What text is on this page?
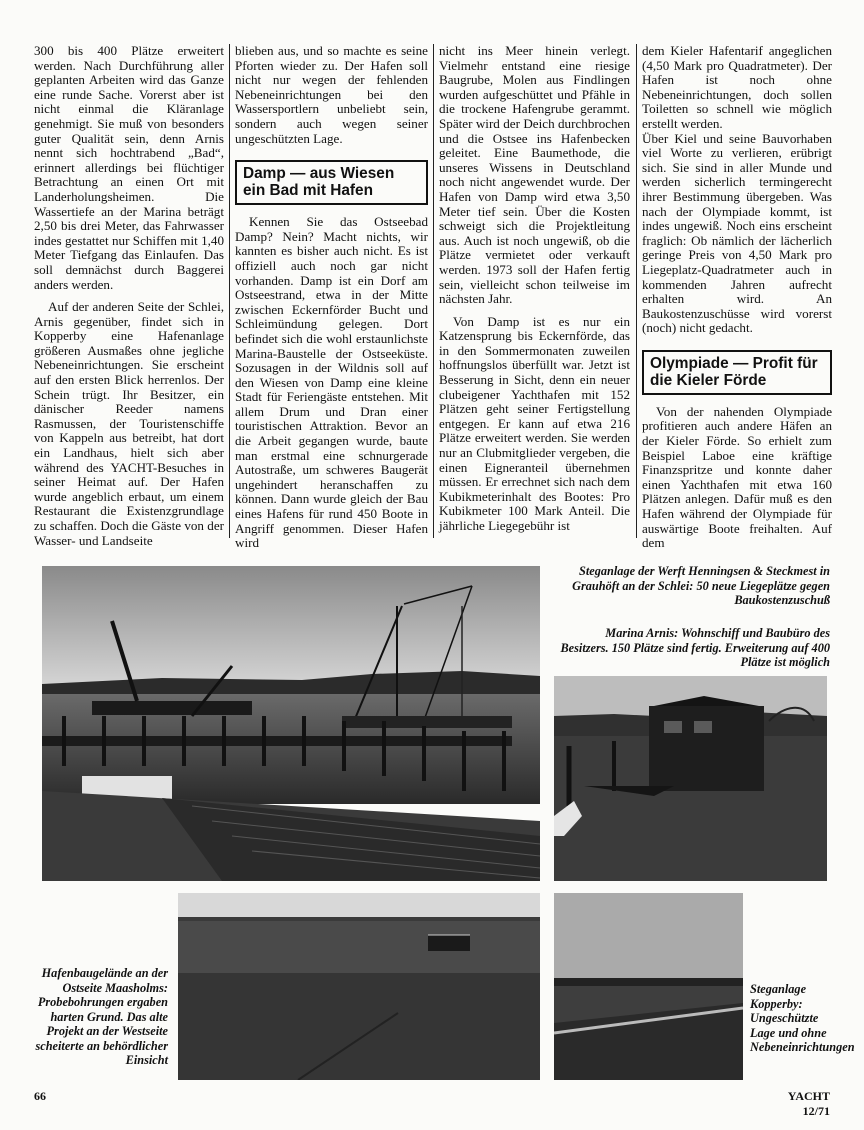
300 bis 400 Plätze erweitert werden. Nach Durchführung aller geplanten Arbeiten wird das Ganze eine runde Sache. Vorerst aber ist nicht einmal die Kläranlage genehmigt. Sie muß von besonders guter Qualität sein, denn Arnis nennt sich hochtrabend „Bad“, erinnert allerdings bei flüchtiger Betrachtung an einen Ort mit Landerholungsheimen. Die Wassertiefe an der Marina beträgt 2,50 bis drei Meter, das Fahrwasser indes gestattet nur Schiffen mit 1,40 Meter Tiefgang das Einlaufen. Das soll demnächst durch Baggerei anders werden.

Auf der anderen Seite der Schlei, Arnis gegenüber, findet sich in Kopperby eine Hafenanlage größeren Ausmaßes ohne jegliche Nebeneinrichtungen. Sie erscheint auf den ersten Blick herrenlos. Der Schein trügt. Ihr Besitzer, ein dänischer Reeder namens Rasmussen, der Touristenschiffe von Kappeln aus betreibt, hat dort ein Landhaus, hielt sich aber während des YACHT-Besuches in seiner Heimat auf. Der Hafen wurde angeblich erbaut, um einem Restaurant die Existenzgrundlage zu schaffen. Doch die Gäste von der Wasser- und Landseite

blieben aus, und so machte es seine Pforten wieder zu. Der Hafen soll nicht nur wegen der fehlenden Nebeneinrichtungen bei den Wassersportlern unbeliebt sein, sondern auch wegen seiner ungeschützten Lage.

Damp — aus Wiesen ein Bad mit Hafen

Kennen Sie das Ostseebad Damp? Nein? Macht nichts, wir kannten es bisher auch nicht. Es ist offiziell auch noch gar nicht vorhanden. Damp ist ein Dorf am Ostseestrand, etwa in der Mitte zwischen Eckernförder Bucht und Schleimündung gelegen. Dort befindet sich die wohl erstaunlichste Marina-Baustelle der Ostseeküste. Sozusagen in der Wildnis soll auf den Wiesen von Damp eine kleine Stadt für Feriengäste entstehen. Mit allem Drum und Dran einer touristischen Attraktion. Bevor an die Arbeit gegangen wurde, baute man erstmal eine schnurgerade Autostraße, um schweres Baugerät ungehindert heranschaffen zu können. Dann wurde gleich der Bau eines Hafens für rund 450 Boote in Angriff genommen. Dieser Hafen wird

nicht ins Meer hinein verlegt. Vielmehr entstand eine riesige Baugrube, Molen aus Findlingen wurden aufgeschüttet und Pfähle in die trockene Hafengrube gerammt. Später wird der Deich durchbrochen und die Ostsee ins Hafenbecken geleitet. Eine Baumethode, die unseres Wissens in Deutschland noch nicht angewendet wurde. Der Hafen von Damp wird etwa 3,50 Meter tief sein. Über die Kosten schweigt sich die Projektleitung aus. Auch ist noch ungewiß, ob die Plätze vermietet oder verkauft werden. 1973 soll der Hafen fertig sein, vielleicht schon teilweise im nächsten Jahr.

Von Damp ist es nur ein Katzensprung bis Eckernförde, das in den Sommermonaten zuweilen hoffnungslos überfüllt war. Jetzt ist Besserung in Sicht, denn ein neuer clubeigener Yachthafen mit 152 Plätzen geht seiner Fertigstellung entgegen. Er kann auf etwa 216 Plätze erweitert werden. Sie werden nur an Clubmitglieder vergeben, die einen Eigneranteil übernehmen müssen. Er errechnet sich nach dem Kubikmeterinhalt des Bootes: Pro Kubikmeter 100 Mark Anteil. Die jährliche Liegegebühr ist

dem Kieler Hafentarif angeglichen (4,50 Mark pro Quadratmeter). Der Hafen ist noch ohne Nebeneinrichtungen, doch sollen Toiletten so schnell wie möglich erstellt werden.

Über Kiel und seine Bauvorhaben viel Worte zu verlieren, erübrigt sich. Sie sind in aller Munde und werden sicherlich termingerecht ihrer Bestimmung übergeben. Was nach der Olympiade kommt, ist indes ungewiß. Noch eins erscheint fraglich: Ob nämlich der lächerlich geringe Preis von 4,50 Mark pro Liegeplatz-Quadratmeter auch in kommenden Jahren aufrecht erhalten wird. An Baukostenzuschüsse wird vorerst (noch) nicht gedacht.

Olympiade — Profit für die Kieler Förde

Von der nahenden Olympiade profitieren auch andere Häfen an der Kieler Förde. So erhielt zum Beispiel Laboe eine kräftige Finanzspritze und konnte daher einen Yachthafen mit etwa 160 Plätzen anlegen. Dafür muß es den Hafen während der Olympiade für auswärtige Boote freihalten. Auf dem

Steganlage der Werft Henningsen & Steckmest in Grauhöft an der Schlei: 50 neue Liegeplätze gegen Baukostenzuschuß
Marina Arnis: Wohnschiff und Baubüro des Besitzers. 150 Plätze sind fertig. Erweiterung auf 400 Plätze ist möglich
Hafenbaugelände an der Ostseite Maasholms: Probebohrungen ergaben harten Grund. Das alte Projekt an der Westseite scheiterte an behördlicher Einsicht
Steganlage Kopperby: Ungeschützte Lage und ohne Nebeneinrichtungen
66	YACHT 12/71
